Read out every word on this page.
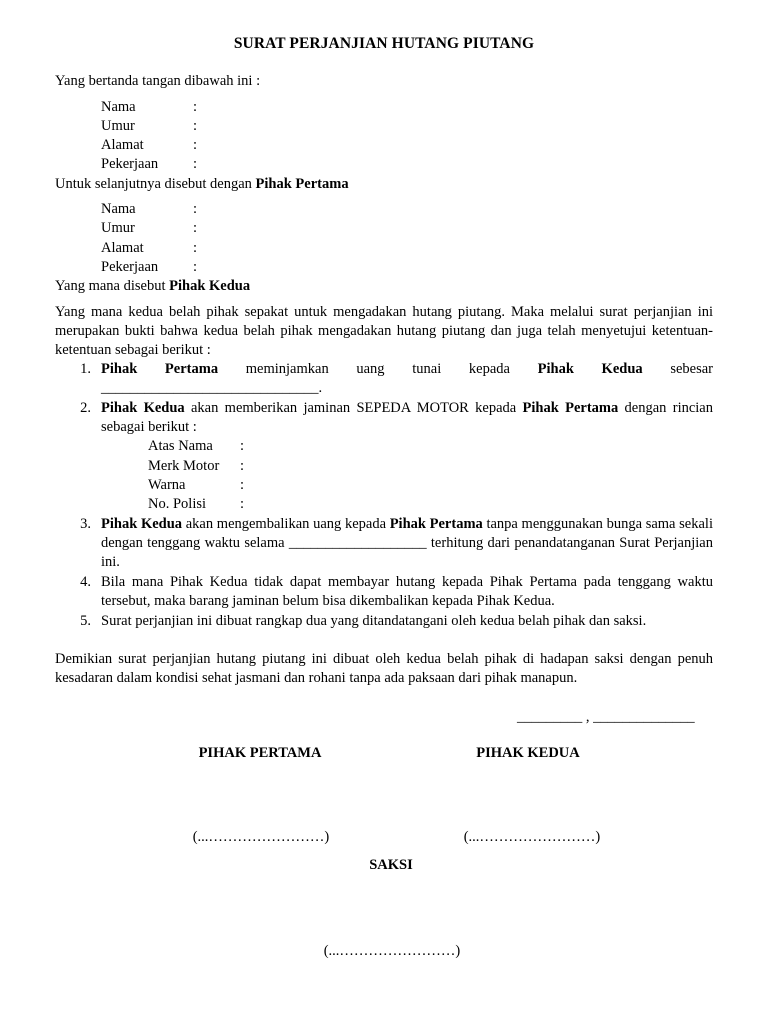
SURAT PERJANJIAN HUTANG PIUTANG
Yang bertanda tangan dibawah ini :
Nama	:
Umur	:
Alamat	:
Pekerjaan :
Untuk selanjutnya disebut dengan Pihak Pertama
Nama	:
Umur	:
Alamat	:
Pekerjaan :
Yang mana disebut Pihak Kedua
Yang mana kedua belah pihak sepakat untuk mengadakan hutang piutang. Maka melalui surat perjanjian ini merupakan bukti bahwa kedua belah pihak mengadakan hutang piutang dan juga telah menyetujui ketentuan-ketentuan sebagai berikut :
1. Pihak Pertama meminjamkan uang tunai kepada Pihak Kedua sebesar
______________________________.
2. Pihak Kedua akan memberikan jaminan SEPEDA MOTOR kepada Pihak Pertama dengan rincian sebagai berikut :
Atas Nama :
Merk Motor :
Warna	:
No. Polisi :
3. Pihak Kedua akan mengembalikan uang kepada Pihak Pertama tanpa menggunakan bunga sama sekali dengan tenggang waktu selama ___________________ terhitung dari penandatanganan Surat Perjanjian ini.
4. Bila mana Pihak Kedua tidak dapat membayar hutang kepada Pihak Pertama pada tenggang waktu tersebut, maka barang jaminan belum bisa dikembalikan kepada Pihak Kedua.
5. Surat perjanjian ini dibuat rangkap dua yang ditandatangani oleh kedua belah pihak dan saksi.
Demikian surat perjanjian hutang piutang ini dibuat oleh kedua belah pihak di hadapan saksi dengan penuh kesadaran dalam kondisi sehat jasmani dan rohani tanpa ada paksaan dari pihak manapun.
_________ , ______________
PIHAK PERTAMA	PIHAK KEDUA
(...……………………)	(...……………………)
SAKSI
(...……………………)
